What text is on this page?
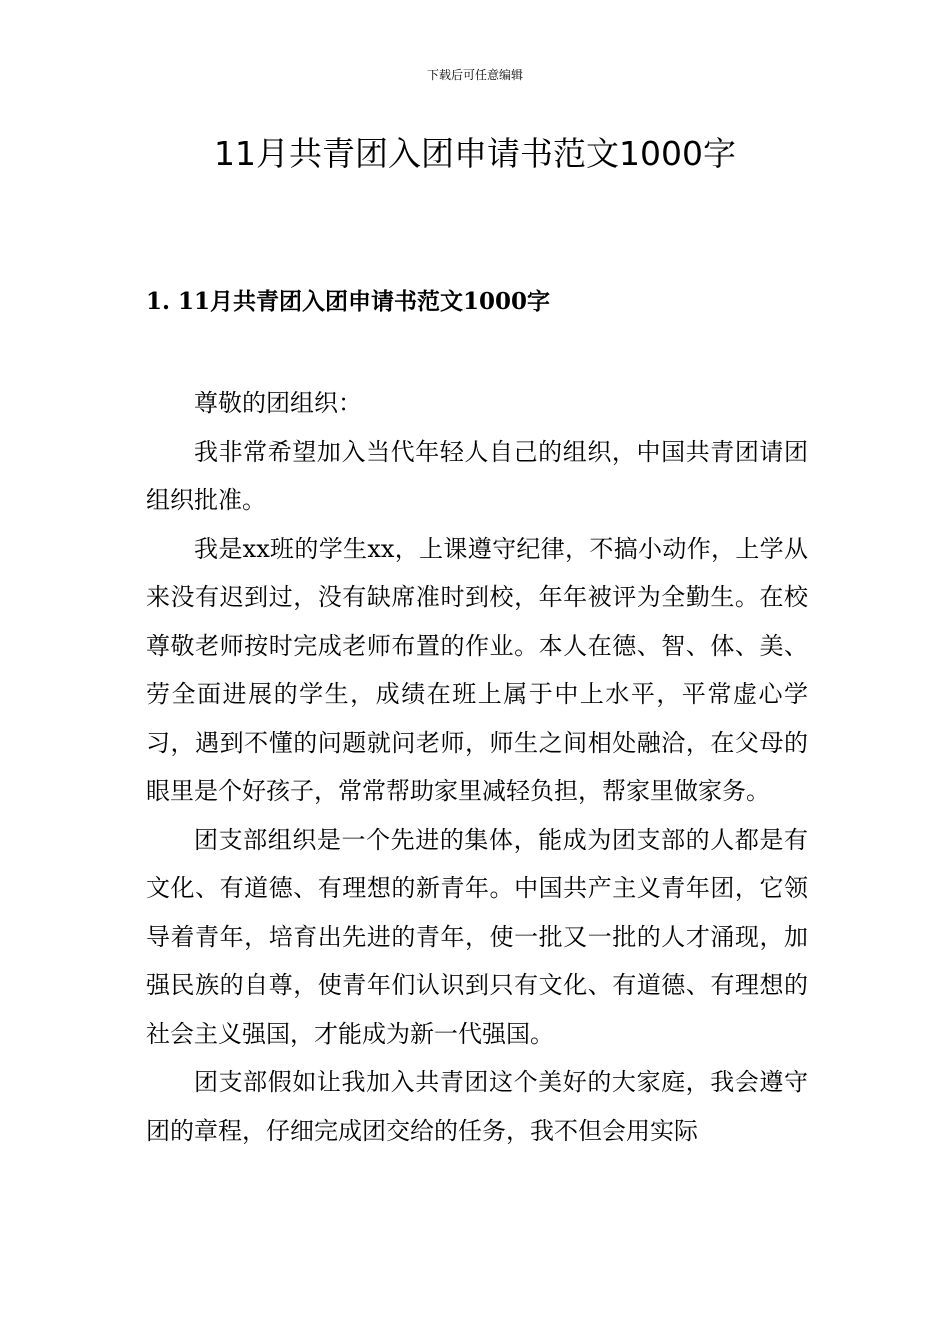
下载后可任意编辑
11月共青团入团申请书范文1000字
1. 11月共青团入团申请书范文1000字

尊敬的团组织：

我非常希望加入当代年轻人自己的组织，中国共青团请团组织批准。

我是xx班的学生xx，上课遵守纪律，不搞小动作，上学从来没有迟到过，没有缺席准时到校，年年被评为全勤生。在校尊敬老师按时完成老师布置的作业。本人在德、智、体、美、劳全面进展的学生，成绩在班上属于中上水平，平常虚心学习，遇到不懂的问题就问老师，师生之间相处融洽，在父母的眼里是个好孩子，常常帮助家里减轻负担，帮家里做家务。

团支部组织是一个先进的集体，能成为团支部的人都是有文化、有道德、有理想的新青年。中国共产主义青年团，它领导着青年，培育出先进的青年，使一批又一批的人才涌现，加强民族的自尊，使青年们认识到只有文化、有道德、有理想的社会主义强国，才能成为新一代强国。

团支部假如让我加入共青团这个美好的大家庭，我会遵守团的章程，仔细完成团交给的任务，我不但会用实际
